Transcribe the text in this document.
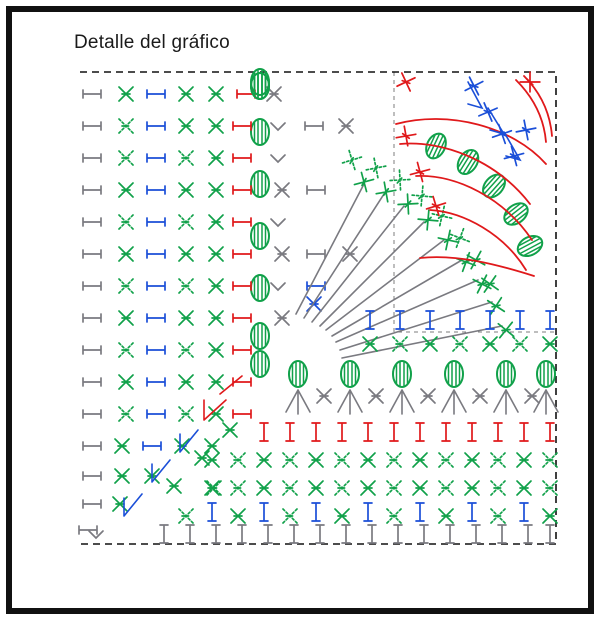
Detalle del gráfico
